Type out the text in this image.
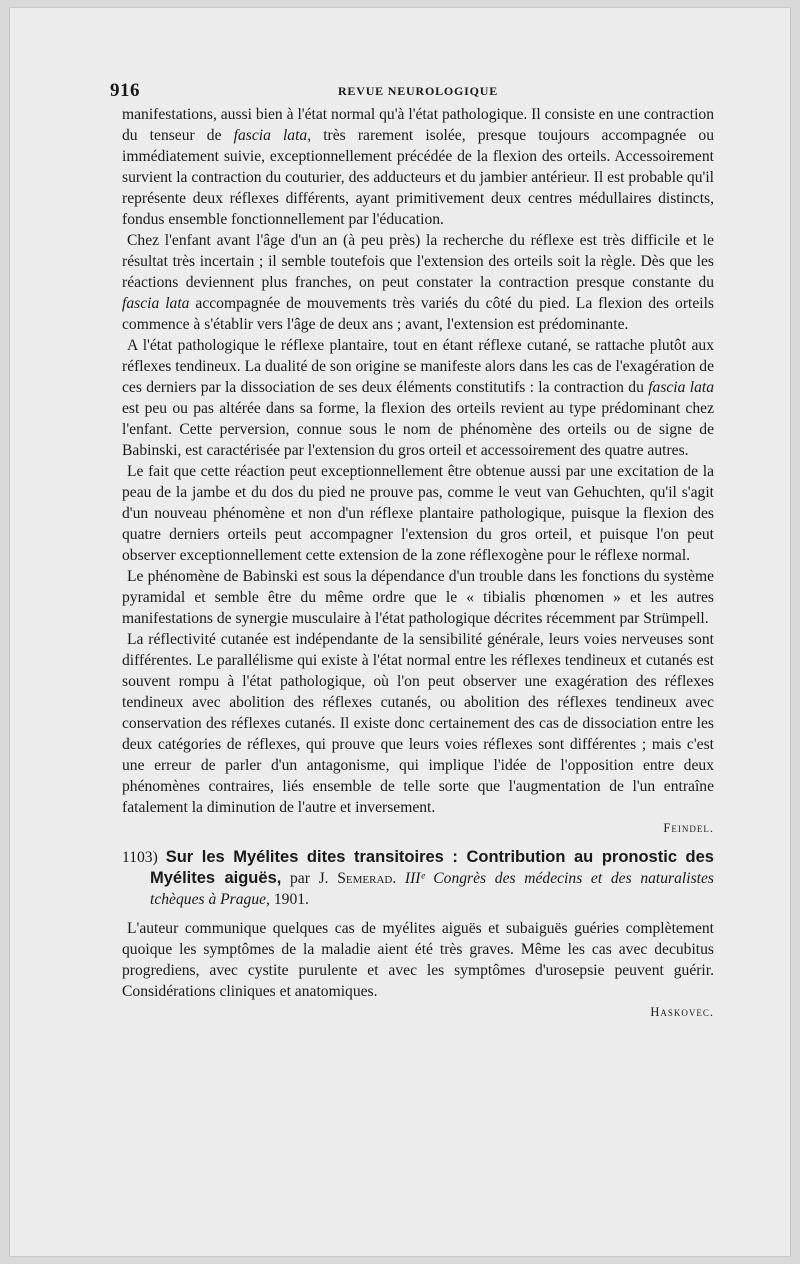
916	REVUE NEUROLOGIQUE

manifestations, aussi bien à l'état normal qu'à l'état pathologique. Il consiste en une contraction du tenseur de fascia lata, très rarement isolée, presque toujours accompagnée ou immédiatement suivie, exceptionnellement précédée de la flexion des orteils. Accessoirement survient la contraction du couturier, des adducteurs et du jambier antérieur. Il est probable qu'il représente deux réflexes différents, ayant primitivement deux centres médullaires distincts, fondus ensemble fonctionnellement par l'éducation.

Chez l'enfant avant l'âge d'un an (à peu près) la recherche du réflexe est très difficile et le résultat très incertain ; il semble toutefois que l'extension des orteils soit la règle. Dès que les réactions deviennent plus franches, on peut constater la contraction presque constante du fascia lata accompagnée de mouvements très variés du côté du pied. La flexion des orteils commence à s'établir vers l'âge de deux ans ; avant, l'extension est prédominante.

A l'état pathologique le réflexe plantaire, tout en étant réflexe cutané, se rattache plutôt aux réflexes tendineux. La dualité de son origine se manifeste alors dans les cas de l'exagération de ces derniers par la dissociation de ses deux éléments constitutifs : la contraction du fascia lata est peu ou pas altérée dans sa forme, la flexion des orteils revient au type prédominant chez l'enfant. Cette perversion, connue sous le nom de phénomène des orteils ou de signe de Babinski, est caractérisée par l'extension du gros orteil et accessoirement des quatre autres.

Le fait que cette réaction peut exceptionnellement être obtenue aussi par une excitation de la peau de la jambe et du dos du pied ne prouve pas, comme le veut van Gehuchten, qu'il s'agit d'un nouveau phénomène et non d'un réflexe plantaire pathologique, puisque la flexion des quatre derniers orteils peut accompagner l'extension du gros orteil, et puisque l'on peut observer exceptionnellement cette extension de la zone réflexogène pour le réflexe normal.

Le phénomène de Babinski est sous la dépendance d'un trouble dans les fonctions du système pyramidal et semble être du même ordre que le « tibialis phœnomen » et les autres manifestations de synergie musculaire à l'état pathologique décrites récemment par Strümpell.

La réflectivité cutanée est indépendante de la sensibilité générale, leurs voies nerveuses sont différentes. Le parallélisme qui existe à l'état normal entre les réflexes tendineux et cutanés est souvent rompu à l'état pathologique, où l'on peut observer une exagération des réflexes tendineux avec abolition des réflexes cutanés, ou abolition des réflexes tendineux avec conservation des réflexes cutanés. Il existe donc certainement des cas de dissociation entre les deux catégories de réflexes, qui prouve que leurs voies réflexes sont différentes ; mais c'est une erreur de parler d'un antagonisme, qui implique l'idée de l'opposition entre deux phénomènes contraires, liés ensemble de telle sorte que l'augmentation de l'un entraîne fatalement la diminution de l'autre et inversement.

Feindel.
1103) Sur les Myélites dites transitoires : Contribution au pronostic des Myélites aiguës, par J. Semerad. IIIᵉ Congrès des médecins et des naturalistes tchèques à Prague, 1901.

L'auteur communique quelques cas de myélites aiguës et subaiguës guéries complètement quoique les symptômes de la maladie aient été très graves. Même les cas avec decubitus progrediens, avec cystite purulente et avec les symptômes d'urosepsie peuvent guérir. Considérations cliniques et anatomiques.

Haskovec.
